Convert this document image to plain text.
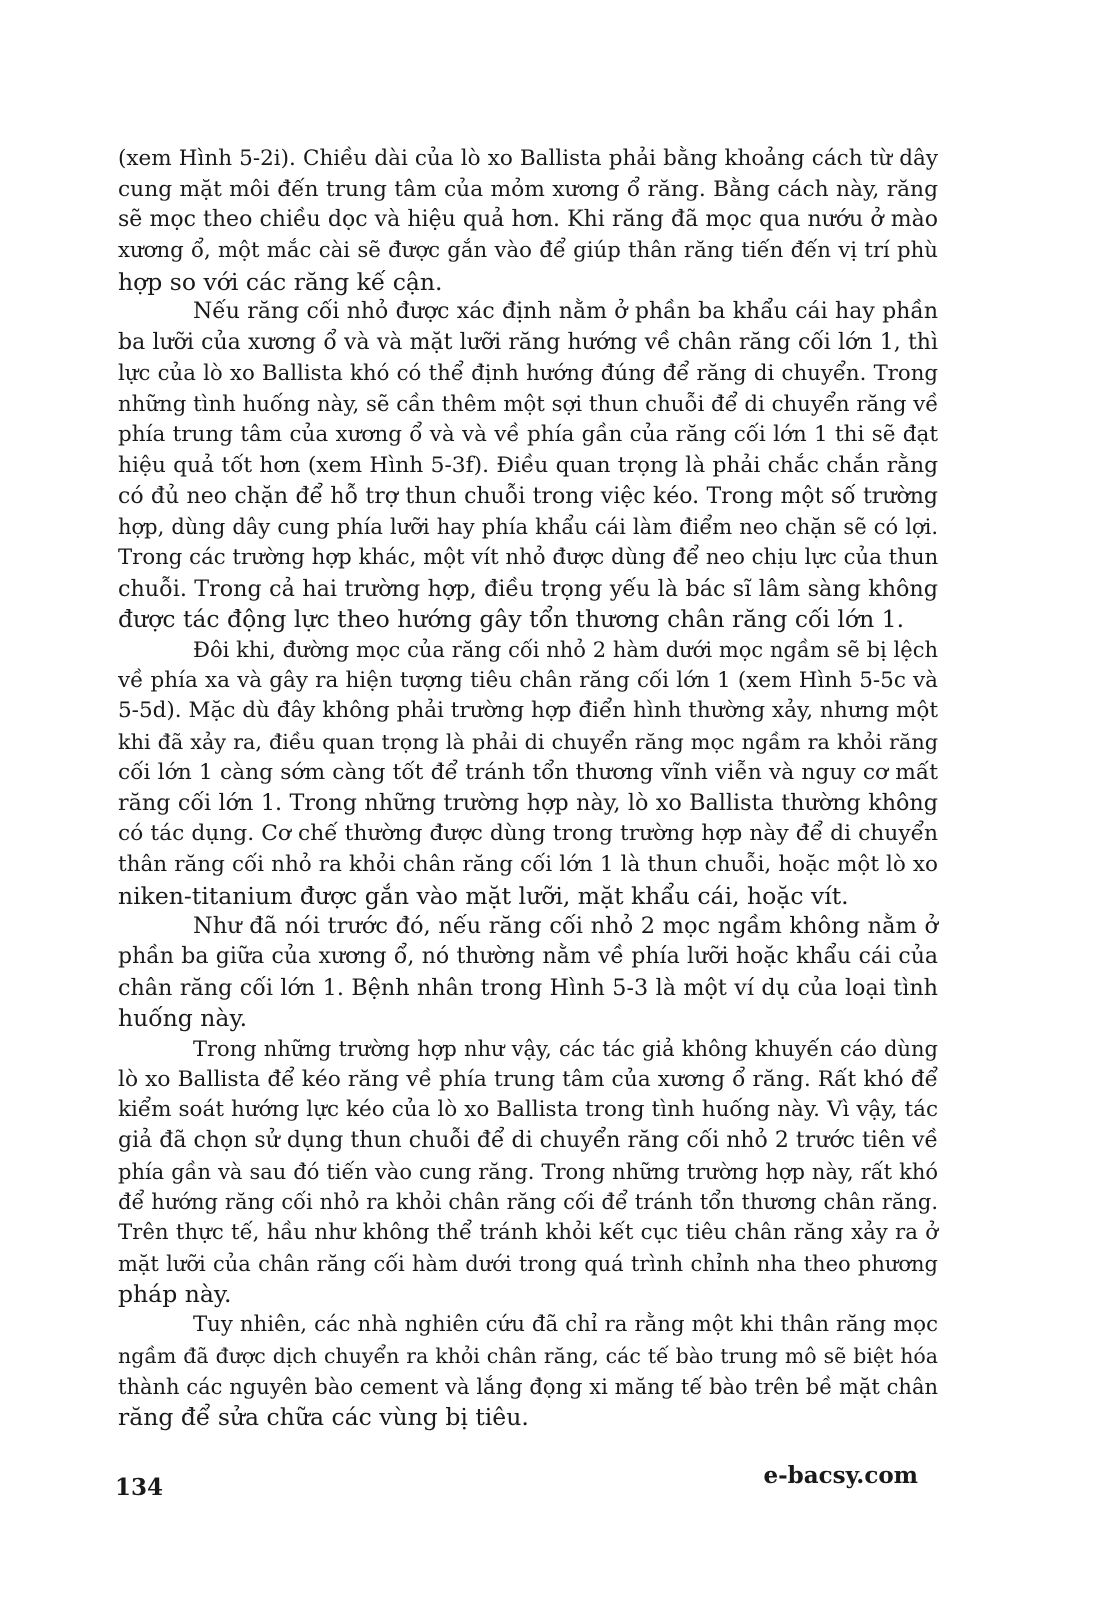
(xem Hình 5-2i). Chiều dài của lò xo Ballista phải bằng khoảng cách từ dây
cung mặt môi đến trung tâm của mỏm xương ổ răng. Bằng cách này, răng
sẽ mọc theo chiều dọc và hiệu quả hơn. Khi răng đã mọc qua nướu ở mào
xương ổ, một mắc cài sẽ được gắn vào để giúp thân răng tiến đến vị trí phù
hợp so với các răng kế cận.
Nếu răng cối nhỏ được xác định nằm ở phần ba khẩu cái hay phần
ba lưỡi của xương ổ và và mặt lưỡi răng hướng về chân răng cối lớn 1, thì
lực của lò xo Ballista khó có thể định hướng đúng để răng di chuyển. Trong
những tình huống này, sẽ cần thêm một sợi thun chuỗi để di chuyển răng về
phía trung tâm của xương ổ và và về phía gần của răng cối lớn 1 thi sẽ đạt
hiệu quả tốt hơn (xem Hình 5-3f). Điều quan trọng là phải chắc chắn rằng
có đủ neo chặn để hỗ trợ thun chuỗi trong việc kéo. Trong một số trường
hợp, dùng dây cung phía lưỡi hay phía khẩu cái làm điểm neo chặn sẽ có lợi.
Trong các trường hợp khác, một vít nhỏ được dùng để neo chịu lực của thun
chuỗi. Trong cả hai trường hợp, điều trọng yếu là bác sĩ lâm sàng không
được tác động lực theo hướng gây tổn thương chân răng cối lớn 1.
Đôi khi, đường mọc của răng cối nhỏ 2 hàm dưới mọc ngầm sẽ bị lệch
về phía xa và gây ra hiện tượng tiêu chân răng cối lớn 1 (xem Hình 5-5c và
5-5d). Mặc dù đây không phải trường hợp điển hình thường xảy, nhưng một
khi đã xảy ra, điều quan trọng là phải di chuyển răng mọc ngầm ra khỏi răng
cối lớn 1 càng sớm càng tốt để tránh tổn thương vĩnh viễn và nguy cơ mất
răng cối lớn 1. Trong những trường hợp này, lò xo Ballista thường không
có tác dụng. Cơ chế thường được dùng trong trường hợp này để di chuyển
thân răng cối nhỏ ra khỏi chân răng cối lớn 1 là thun chuỗi, hoặc một lò xo
niken-titanium được gắn vào mặt lưỡi, mặt khẩu cái, hoặc vít.
Như đã nói trước đó, nếu răng cối nhỏ 2 mọc ngầm không nằm ở
phần ba giữa của xương ổ, nó thường nằm về phía lưỡi hoặc khẩu cái của
chân răng cối lớn 1. Bệnh nhân trong Hình 5-3 là một ví dụ của loại tình
huống này.
Trong những trường hợp như vậy, các tác giả không khuyến cáo dùng
lò xo Ballista để kéo răng về phía trung tâm của xương ổ răng. Rất khó để
kiểm soát hướng lực kéo của lò xo Ballista trong tình huống này. Vì vậy, tác
giả đã chọn sử dụng thun chuỗi để di chuyển răng cối nhỏ 2 trước tiên về
phía gần và sau đó tiến vào cung răng. Trong những trường hợp này, rất khó
để hướng răng cối nhỏ ra khỏi chân răng cối để tránh tổn thương chân răng.
Trên thực tế, hầu như không thể tránh khỏi kết cục tiêu chân răng xảy ra ở
mặt lưỡi của chân răng cối hàm dưới trong quá trình chỉnh nha theo phương
pháp này.
Tuy nhiên, các nhà nghiên cứu đã chỉ ra rằng một khi thân răng mọc
ngầm đã được dịch chuyển ra khỏi chân răng, các tế bào trung mô sẽ biệt hóa
thành các nguyên bào cement và lắng đọng xi măng tế bào trên bề mặt chân
răng để sửa chữa các vùng bị tiêu.
134	e-bacsy.com
